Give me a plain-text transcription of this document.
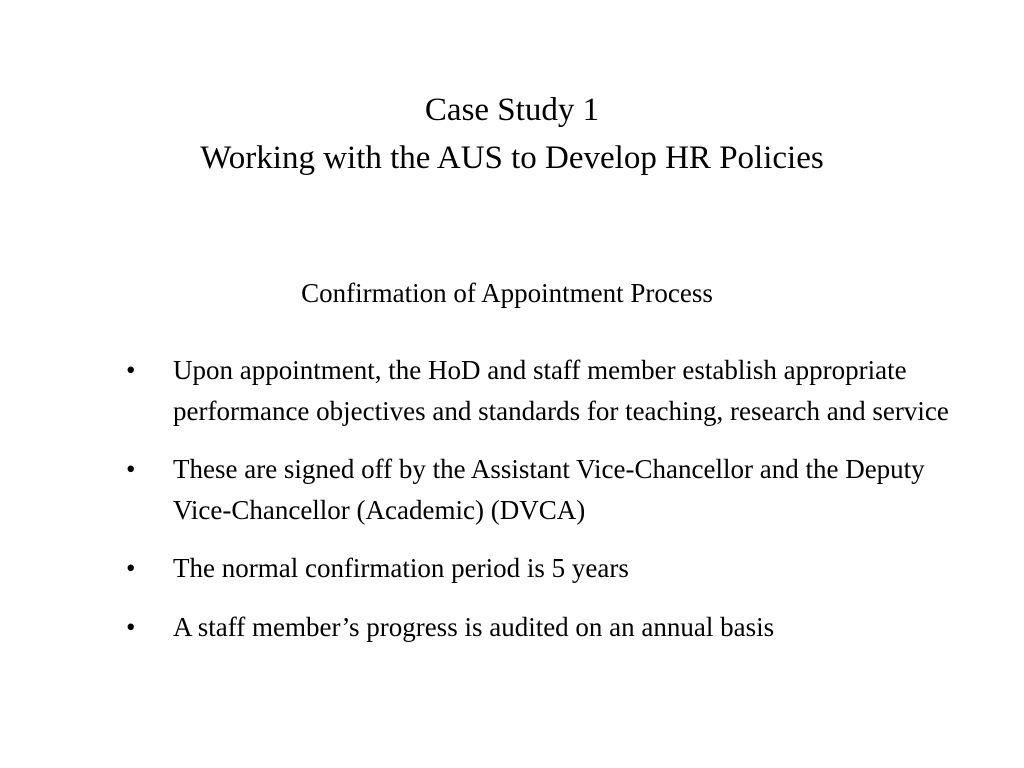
Case Study 1
Working with the AUS to Develop HR Policies
Confirmation of Appointment Process
•	Upon appointment, the HoD and staff member establish appropriate performance objectives and standards for teaching, research and service
•	These are signed off by the Assistant Vice-Chancellor and the Deputy Vice-Chancellor (Academic) (DVCA)
•	The normal confirmation period is 5 years
•	A staff member’s progress is audited on an annual basis
